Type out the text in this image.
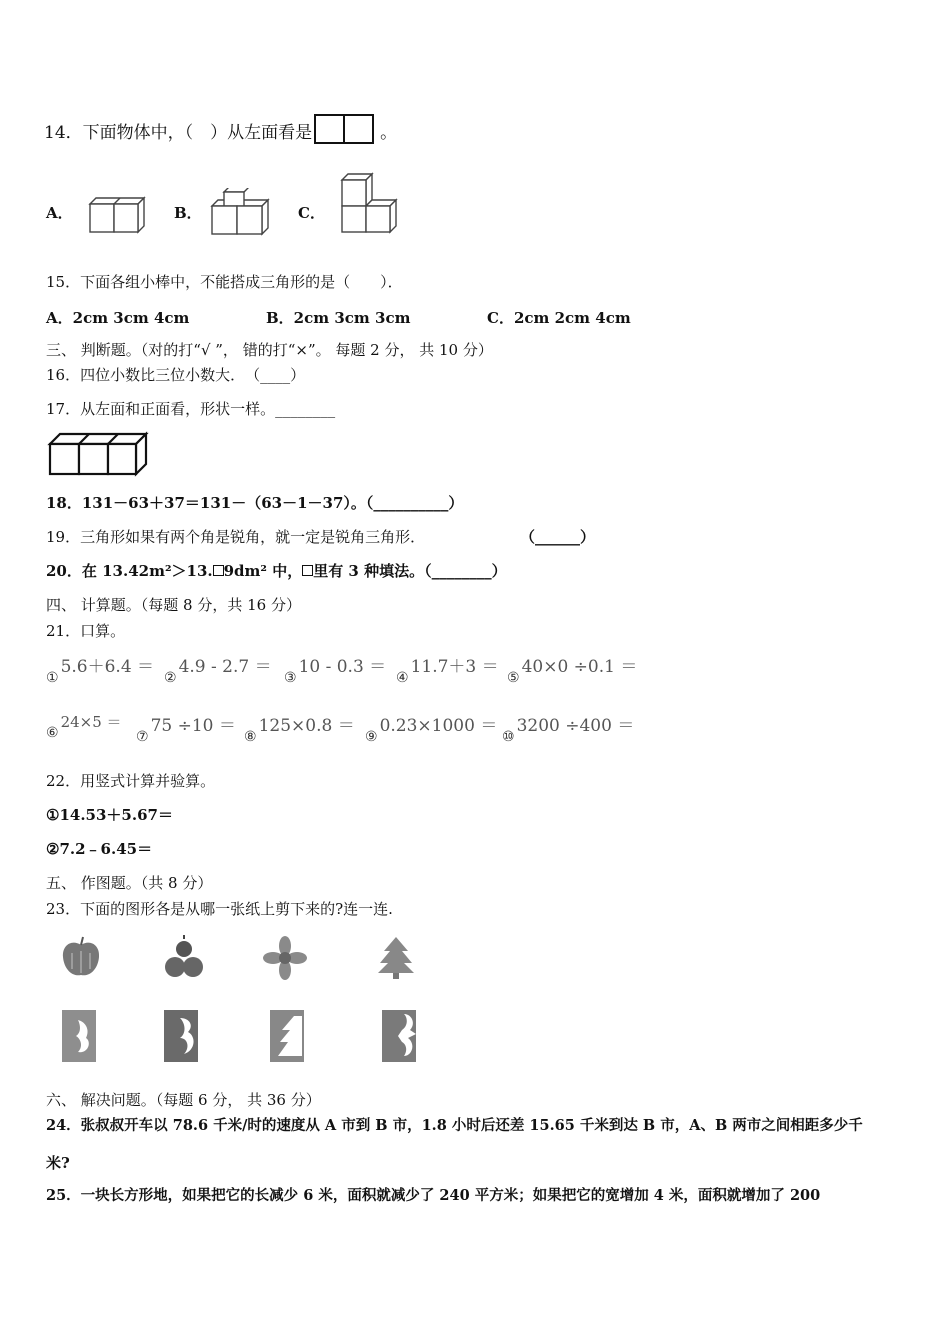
14．下面物体中，（　）从左面看是	。
A．	B．	C．
15．下面各组小棒中，不能搭成三角形的是（　　）．
A．2cm 3cm 4cm	B．2cm 3cm 3cm	C．2cm 2cm 4cm
三、 判断题。（对的打“√ ”， 错的打“×”。 每题 2 分， 共 10 分）
16．四位小数比三位小数大．　（____）
17．从左面和正面看，形状一样。________
18．131－63＋37＝131－（63－1－37）。（__________）
19．三角形如果有两个角是锐角，就一定是锐角三角形．	（______）
20．在 13.42m²＞13. 9dm² 中， 里有 3 种填法。（________）
四、 计算题。（每题 8 分，共 16 分）
21．口算。
$_①$5.6＋6.4 ＝
$_②$4.9 - 2.7 ＝
$_③$10 - 0.3 ＝
$_④$11.7＋3 ＝
$_⑤$40×0 ÷0.1 ＝
$_⑥$24×5 ＝
$_⑦$75 ÷10 ＝
$_⑧$125×0.8 ＝
$_⑨$0.23×1000 ＝
$_⑩$3200 ÷400 ＝
22．用竖式计算并验算。
①14.53＋5.67＝
②7.2﹣6.45＝
五、 作图题。（共 8 分）
23．下面的图形各是从哪一张纸上剪下来的?连一连.
六、 解决问题。（每题 6 分， 共 36 分）
24．张叔叔开车以 78.6 千米/时的速度从 A 市到 B 市，1.8 小时后还差 15.65 千米到达 B 市，A、B 两市之间相距多少千
米?
25．一块长方形地，如果把它的长减少 6 米，面积就减少了 240 平方米；如果把它的宽增加 4 米，面积就增加了 200
